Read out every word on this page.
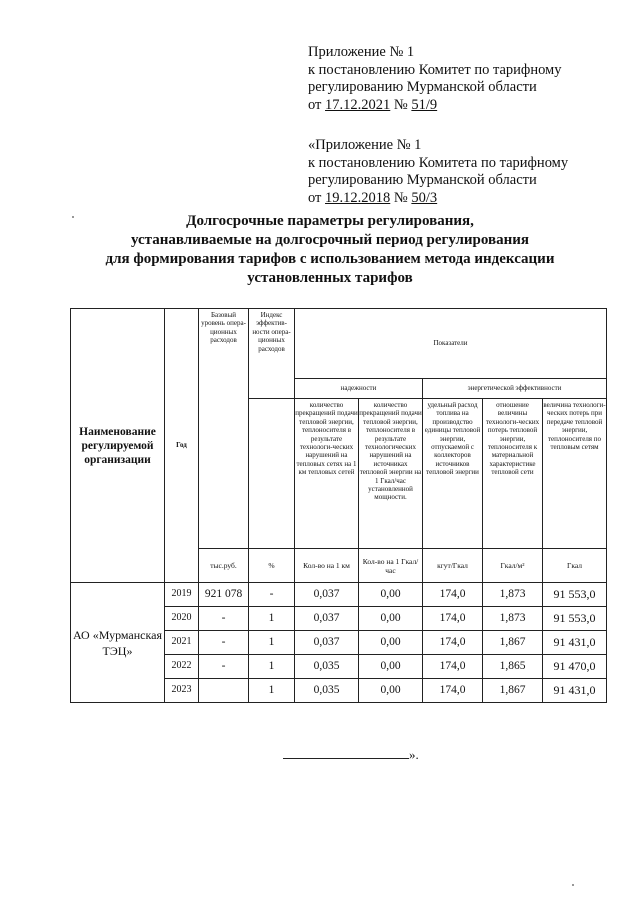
Приложение № 1
к постановлению Комитет по тарифному
регулированию Мурманской области
от 17.12.2021 № 51/9
«Приложение № 1
к постановлению Комитета по тарифному
регулированию Мурманской области
от 19.12.2018 № 50/3
Долгосрочные параметры регулирования,
устанавливаемые на долгосрочный период регулирования
для формирования тарифов с использованием метода индексации
установленных тарифов
Наименование регулируемой организации	Год	Базовый уровень опера-ционных расходов	Индекс эффектив-ности опера-ционных расходов	Показатели				
				надежности		энергетической эффективности		
				количество прекращений подачи тепловой энергии, теплоносителя в результате технологи-ческих нарушений на тепловых сетях на 1 км тепловых сетей	количество прекращений подачи тепловой энергии, теплоносителя в результате технологических нарушений на источниках тепловой энергии на 1 Гкал/час установленной мощности.	удельный расход топлива на производство единицы тепловой энергии, отпускаемой с коллекторов источников тепловой энергии	отношение величины технологи-ческих потерь тепловой энергии, теплоносителя к материальной характеристике тепловой сети	величина технологи-ческих потерь при передаче тепловой энергии, теплоносителя по тепловым сетям
		тыс.руб.	%	Кол-во на 1 км	Кол-во на 1 Гкал/час	кгут/Гкал	Гкал/м²	Гкал
АО «Мурманская ТЭЦ»	2019	921 078	-	0,037	0,00	174,0	1,873	91 553,0
	2020	-	1	0,037	0,00	174,0	1,873	91 553,0
	2021	-	1	0,037	0,00	174,0	1,867	91 431,0
	2022	-	1	0,035	0,00	174,0	1,865	91 470,0
	2023		1	0,035	0,00	174,0	1,867	91 431,0
».
